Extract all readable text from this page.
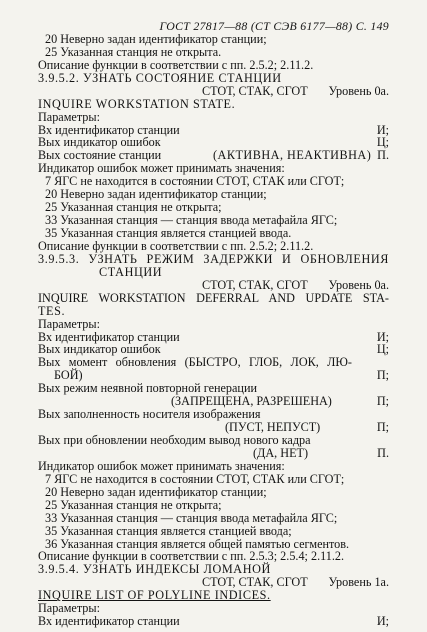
ГОСТ 27817—88 (СТ СЭВ 6177—88) С. 149
20 Неверно задан идентификатор станции;
25 Указанная станция не открыта.
Описание функции в соответствии с пп. 2.5.2; 2.11.2.
3.9.5.2. УЗНАТЬ СОСТОЯНИЕ СТАНЦИИ
СТОТ, СТАК, СГОТ Уровень 0а.
INQUIRE WORKSTATION STATE.
Параметры:
Вх идентификатор станции	И;
Вых индикатор ошибок	Ц;
Вых состояние станции	(АКТИВНА, НЕАКТИВНА) П.
Индикатор ошибок может принимать значения:
7 ЯГС не находится в состоянии СТОТ, СТАК или СГОТ;
20 Неверно задан идентификатор станции;
25 Указанная станция не открыта;
33 Указанная станция — станция ввода метафайла ЯГС;
35 Указанная станция является станцией ввода.
Описание функции в соответствии с пп. 2.5.2; 2.11.2.
3.9.5.3. УЗНАТЬ РЕЖИМ ЗАДЕРЖКИ И ОБНОВЛЕНИЯ
СТАНЦИИ
СТОТ, СТАК, СГОТ Уровень 0а.
INQUIRE WORKSTATION DEFERRAL AND UPDATE STA-
TES.
Параметры:
Вх идентификатор станции	И;
Вых индикатор ошибок	Ц;
Вых момент обновления (БЫСТРО, ГЛОБ, ЛОК, ЛЮ-
БОЙ)	П;
Вых режим неявной повторной генерации
(ЗАПРЕЩЕНА, РАЗРЕШЕНА)	П;
Вых заполненность носителя изображения
(ПУСТ, НЕПУСТ)	П;
Вых при обновлении необходим вывод нового кадра
(ДА, НЕТ)	П.
Индикатор ошибок может принимать значения:
7 ЯГС не находится в состоянии СТОТ, СТАК или СГОТ;
20 Неверно задан идентификатор станции;
25 Указанная станция не открыта;
33 Указанная станция — станция ввода метафайла ЯГС;
35 Указанная станция является станцией ввода;
36 Указанная станция является общей памятью сегментов.
Описание функции в соответствии с пп. 2.5.3; 2.5.4; 2.11.2.
3.9.5.4. УЗНАТЬ ИНДЕКСЫ ЛОМАНОЙ
СТОТ, СТАК, СГОТ Уровень 1а.
INQUIRE LIST OF POLYLINE INDICES.
Параметры:
Вх идентификатор станции	И;
